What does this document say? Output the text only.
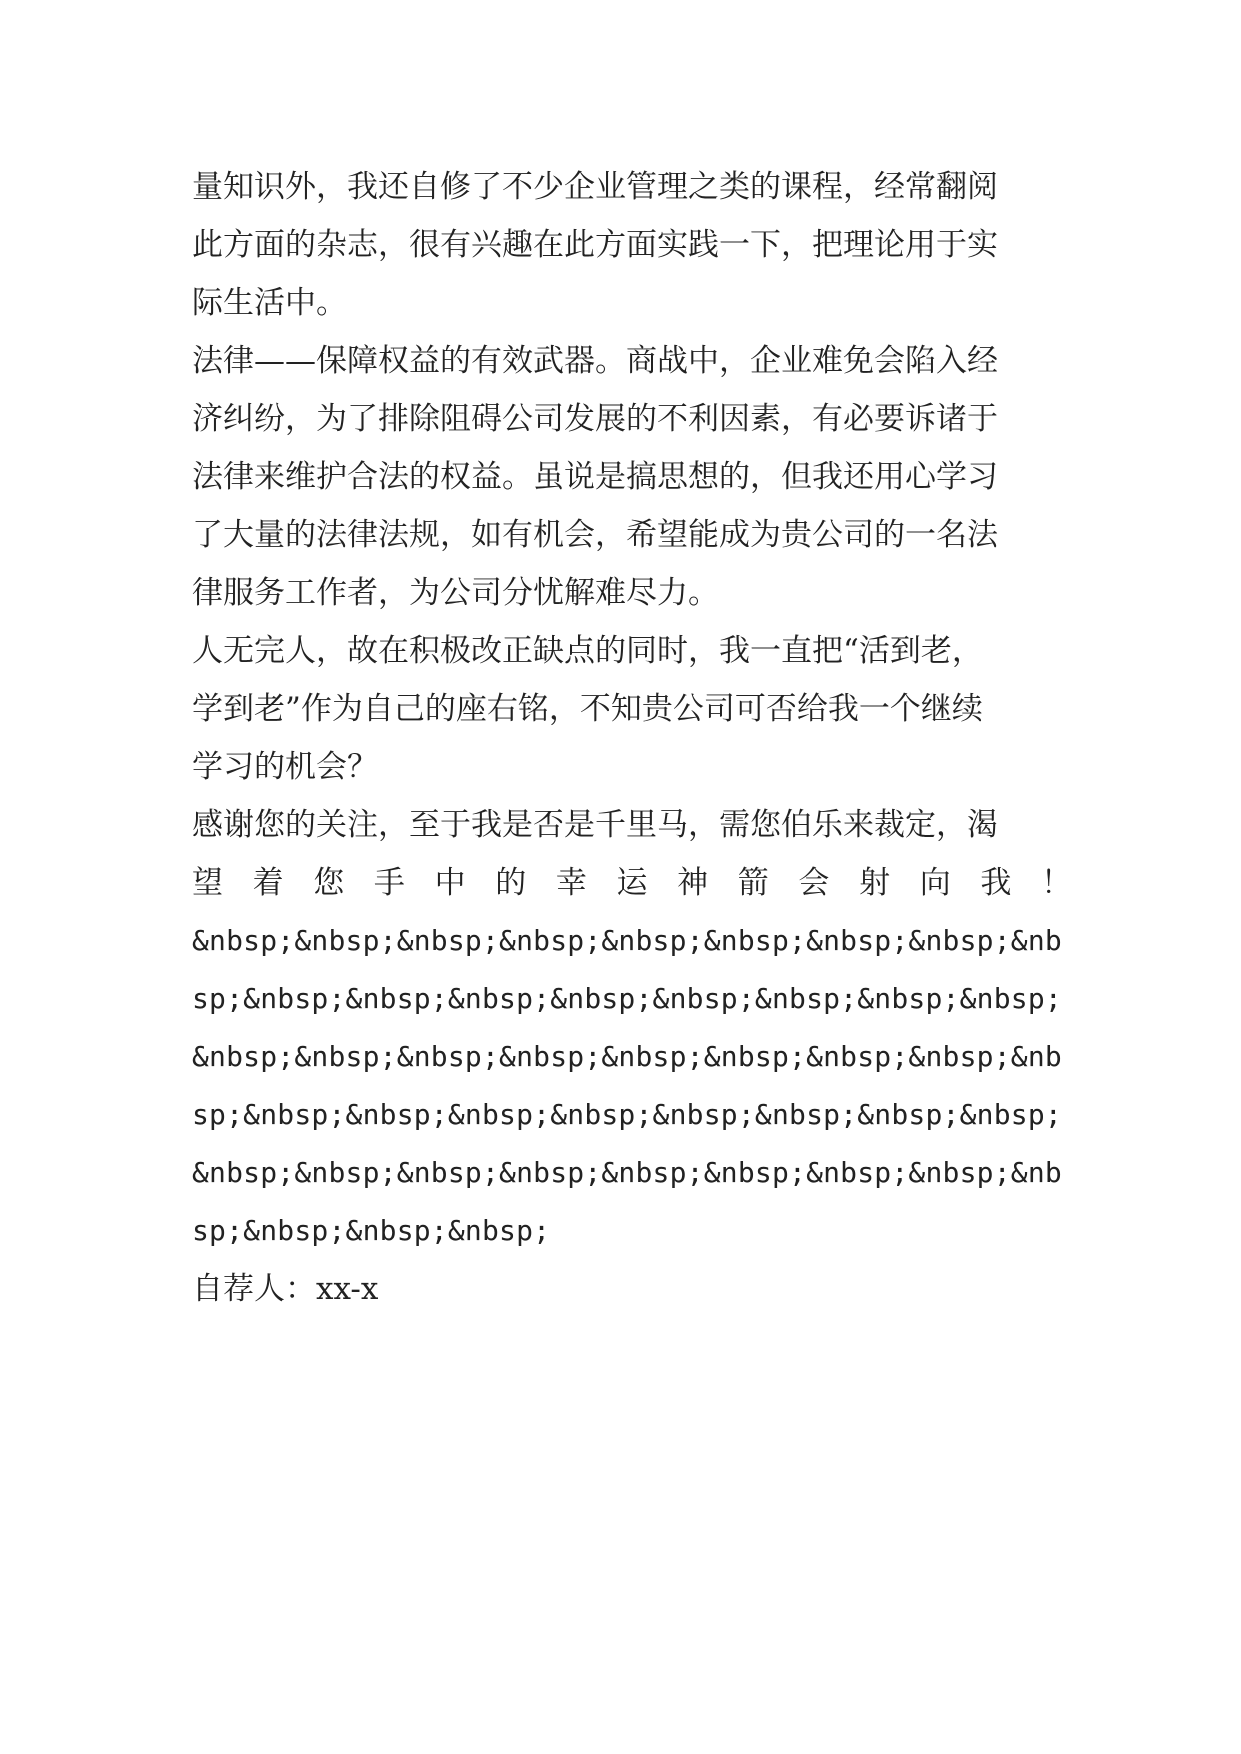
量知识外，我还自修了不少企业管理之类的课程，经常翻阅
此方面的杂志，很有兴趣在此方面实践一下，把理论用于实
际生活中。
法律——保障权益的有效武器。商战中，企业难免会陷入经
济纠纷，为了排除阻碍公司发展的不利因素，有必要诉诸于
法律来维护合法的权益。虽说是搞思想的，但我还用心学习
了大量的法律法规，如有机会，希望能成为贵公司的一名法
律服务工作者，为公司分忧解难尽力。
人无完人，故在积极改正缺点的同时，我一直把“活到老，
学到老”作为自己的座右铭，不知贵公司可否给我一个继续
学习的机会？
感谢您的关注，至于我是否是千里马，需您伯乐来裁定，渴
望着您手中的幸运神箭会射向我！
&nbsp;&nbsp;&nbsp;&nbsp;&nbsp;&nbsp;&nbsp;&nbsp;&nb
sp;&nbsp;&nbsp;&nbsp;&nbsp;&nbsp;&nbsp;&nbsp;&nbsp;
&nbsp;&nbsp;&nbsp;&nbsp;&nbsp;&nbsp;&nbsp;&nbsp;&nb
sp;&nbsp;&nbsp;&nbsp;&nbsp;&nbsp;&nbsp;&nbsp;&nbsp;
&nbsp;&nbsp;&nbsp;&nbsp;&nbsp;&nbsp;&nbsp;&nbsp;&nb
sp;&nbsp;&nbsp;&nbsp;
自荐人：xx-x
